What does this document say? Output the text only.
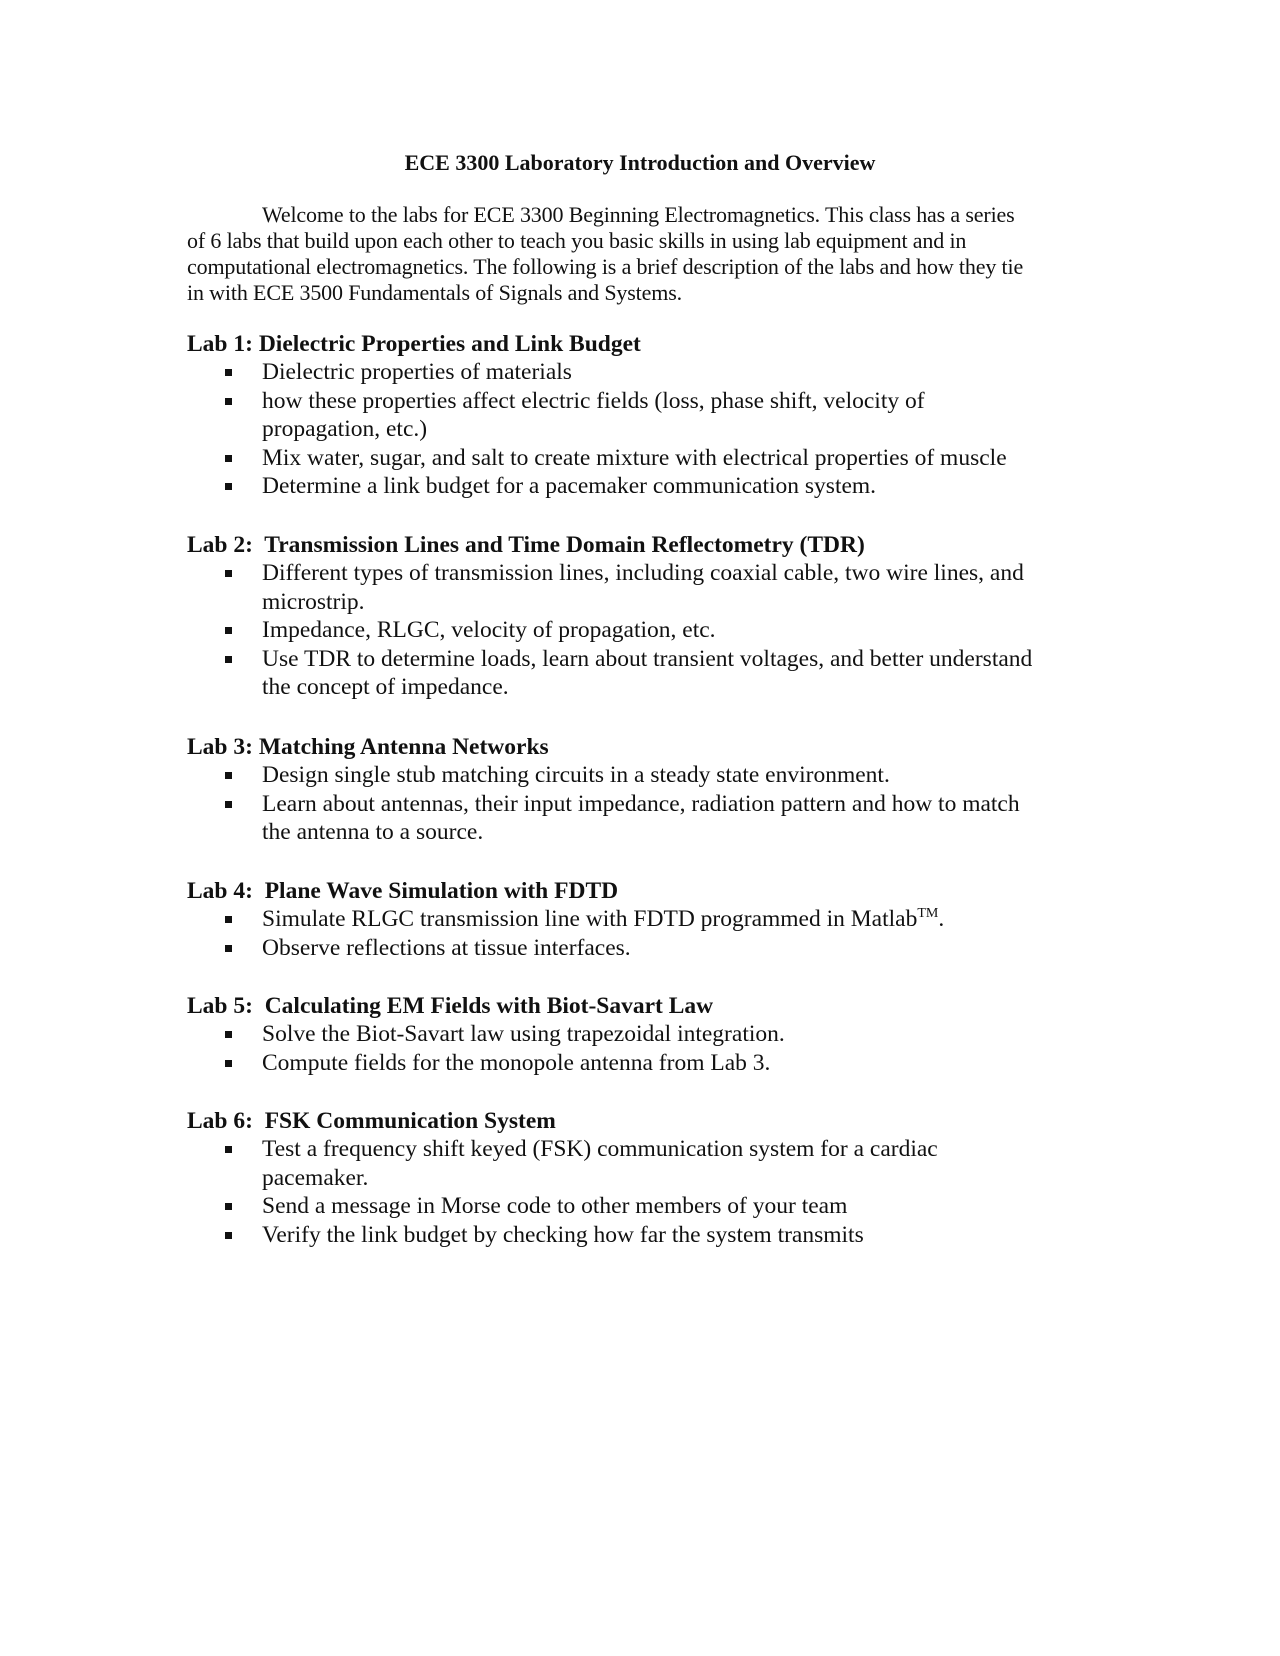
ECE 3300 Laboratory Introduction and Overview

Welcome to the labs for ECE 3300 Beginning Electromagnetics. This class has a series
of 6 labs that build upon each other to teach you basic skills in using lab equipment and in
computational electromagnetics. The following is a brief description of the labs and how they tie
in with ECE 3500 Fundamentals of Signals and Systems.

Lab 1: Dielectric Properties and Link Budget
Dielectric properties of materials
how these properties affect electric fields (loss, phase shift, velocity of
propagation, etc.)
Mix water, sugar, and salt to create mixture with electrical properties of muscle
Determine a link budget for a pacemaker communication system.
Lab 2:  Transmission Lines and Time Domain Reflectometry (TDR)
Different types of transmission lines, including coaxial cable, two wire lines, and
microstrip.
Impedance, RLGC, velocity of propagation, etc.
Use TDR to determine loads, learn about transient voltages, and better understand
the concept of impedance.
Lab 3: Matching Antenna Networks
Design single stub matching circuits in a steady state environment.
Learn about antennas, their input impedance, radiation pattern and how to match
the antenna to a source.
Lab 4:  Plane Wave Simulation with FDTD
Simulate RLGC transmission line with FDTD programmed in Matlab™.
Observe reflections at tissue interfaces.
Lab 5:  Calculating EM Fields with Biot-Savart Law
Solve the Biot-Savart law using trapezoidal integration.
Compute fields for the monopole antenna from Lab 3.
Lab 6:  FSK Communication System
Test a frequency shift keyed (FSK) communication system for a cardiac
pacemaker.
Send a message in Morse code to other members of your team
Verify the link budget by checking how far the system transmits
